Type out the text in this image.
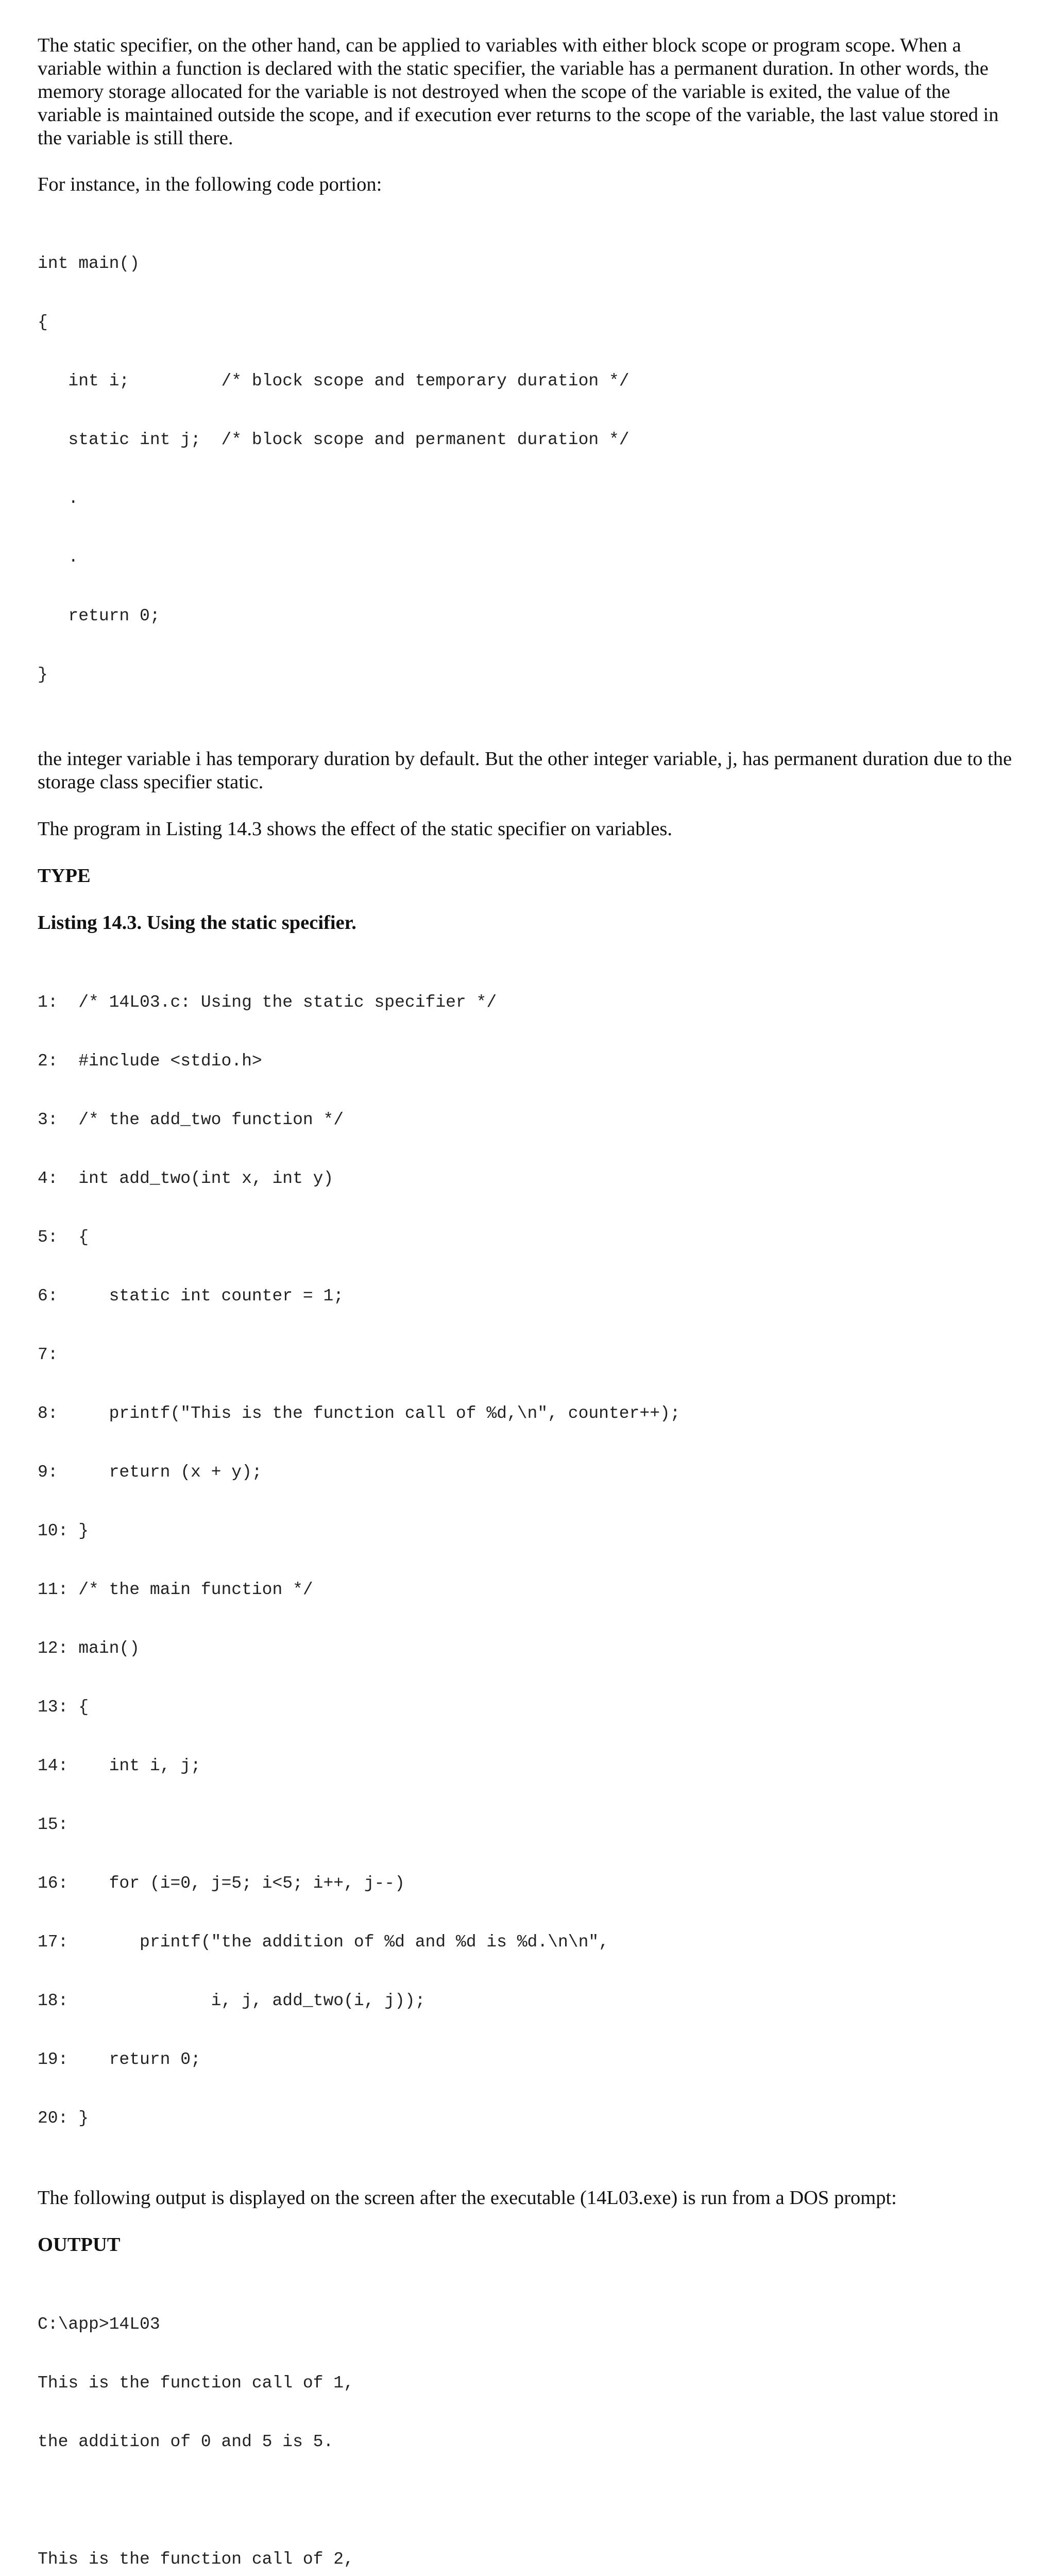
The static specifier, on the other hand, can be applied to variables with either block scope or program scope. When a variable within a function is declared with the static specifier, the variable has a permanent duration. In other words, the memory storage allocated for the variable is not destroyed when the scope of the variable is exited, the value of the variable is maintained outside the scope, and if execution ever returns to the scope of the variable, the last value stored in the variable is still there.

For instance, in the following code portion:

int main()

{

int i;         /* block scope and temporary duration */

static int j;  /* block scope and permanent duration */

.

.

return 0;

}

the integer variable i has temporary duration by default. But the other integer variable, j, has permanent duration due to the storage class specifier static.

The program in Listing 14.3 shows the effect of the static specifier on variables.

TYPE

Listing 14.3. Using the static specifier.

1:  /* 14L03.c: Using the static specifier */

2:  #include <stdio.h>

3:  /* the add_two function */

4:  int add_two(int x, int y)

5:  {

6:     static int counter = 1;

7:

8:     printf("This is the function call of %d,\n", counter++);

9:     return (x + y);

10: }

11: /* the main function */

12: main()

13: {

14:    int i, j;

15:

16:    for (i=0, j=5; i<5; i++, j--)

17:       printf("the addition of %d and %d is %d.\n\n",

18:              i, j, add_two(i, j));

19:    return 0;

20: }

The following output is displayed on the screen after the executable (14L03.exe) is run from a DOS prompt:

OUTPUT

C:\app>14L03

This is the function call of 1,

the addition of 0 and 5 is 5.

This is the function call of 2,
